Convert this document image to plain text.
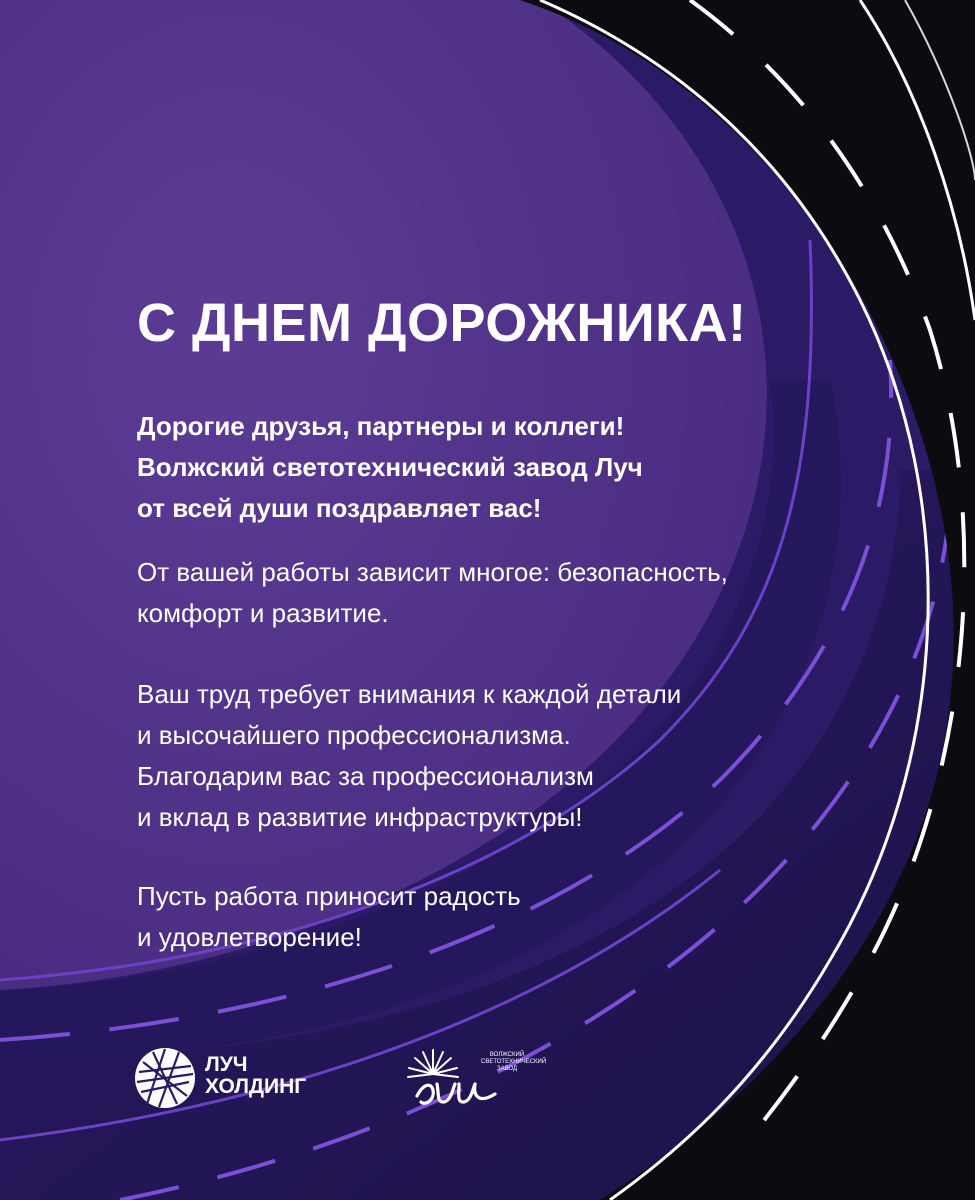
С ДНЕМ ДОРОЖНИКА!
Дорогие друзья, партнеры и коллеги!
Волжский светотехнический завод Луч
от всей души поздравляет вас!
От вашей работы зависит многое: безопасность,
комфорт и развитие.
Ваш труд требует внимания к каждой детали
и высочайшего профессионализма.
Благодарим вас за профессионализм
и вклад в развитие инфраструктуры!
Пусть работа приносит радость
и удовлетворение!
ЛУЧ
ХОЛДИНГ
ВОЛЖСКИЙ СВЕТОТЕХНИЧЕСКИЙ ЗАВОД
